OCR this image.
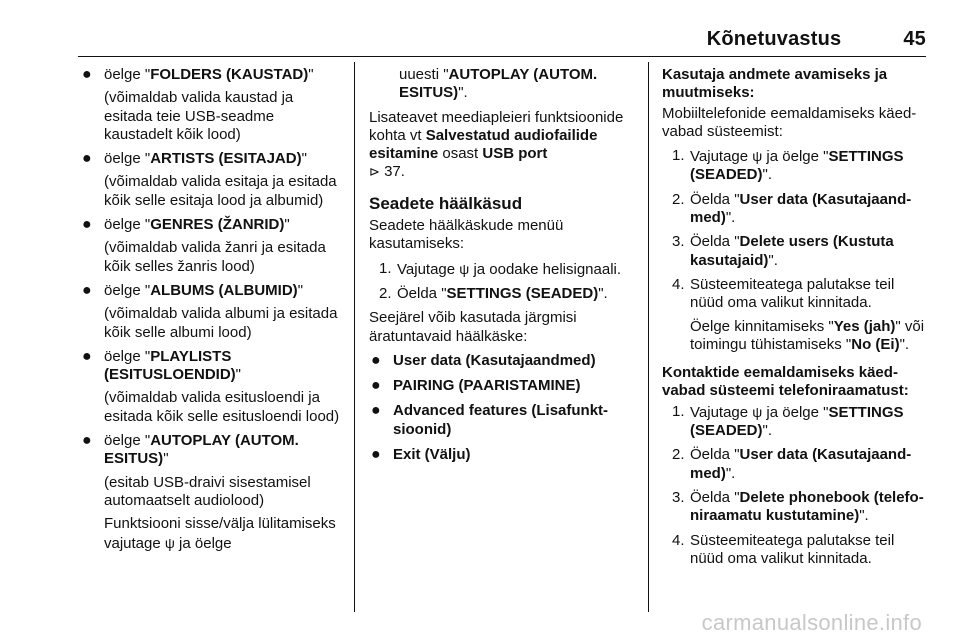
Kõnetuvastus	45
● öelge "FOLDERS (KAUSTAD)"
(võimaldab valida kaustad ja esitada teie USB-seadme kaustadelt kõik lood)
● öelge "ARTISTS (ESITAJAD)"
(võimaldab valida esitaja ja esitada kõik selle esitaja lood ja albumid)
● öelge "GENRES (ŽANRID)"
(võimaldab valida žanri ja esitada kõik selles žanris lood)
● öelge "ALBUMS (ALBUMID)"
(võimaldab valida albumi ja esitada kõik selle albumi lood)
● öelge "PLAYLISTS (ESITUSLOENDID)"
(võimaldab valida esitusloendi ja esitada kõik selle esitusloendi lood)
● öelge "AUTOPLAY (AUTOM. ESITUS)"
(esitab USB-draivi sisestamisel automaatselt audiolood)
Funktsiooni sisse/välja lülitamiseks vajutage ψ ja öelge
uuesti "AUTOPLAY (AUTOM. ESITUS)".
Lisateavet meediapleieri funktsioonide kohta vt Salvestatud audiofailide esitamine osast USB port
⊳ 37.
Seadete häälkäsud
Seadete häälkäskude menüü kasutamiseks:
1. Vajutage ψ ja oodake helisignaali.
2. Öelda "SETTINGS (SEADED)".
Seejärel võib kasutada järgmisi äratuntavaid häälkäske:
● User data (Kasutajaandmed)
● PAIRING (PAARISTAMINE)
● Advanced features (Lisafunkt-sioonid)
● Exit (Välju)
Kasutaja andmete avamiseks ja muutmiseks:
Mobiiltelefonide eemaldamiseks käed-vabad süsteemist:
1. Vajutage ψ ja öelge "SETTINGS (SEADED)".
2. Öelda "User data (Kasutajaand-med)".
3. Öelda "Delete users (Kustuta kasutajaid)".
4. Süsteemiteatega palutakse teil nüüd oma valikut kinnitada.
Öelge kinnitamiseks "Yes (jah)" või toimingu tühistamiseks "No (Ei)".
Kontaktide eemaldamiseks käed-vabad süsteemi telefoniraamatust:
1. Vajutage ψ ja öelge "SETTINGS (SEADED)".
2. Öelda "User data (Kasutajaand-med)".
3. Öelda "Delete phonebook (telefo-niraamatu kustutamine)".
4. Süsteemiteatega palutakse teil nüüd oma valikut kinnitada.
carmanualsonline.info
